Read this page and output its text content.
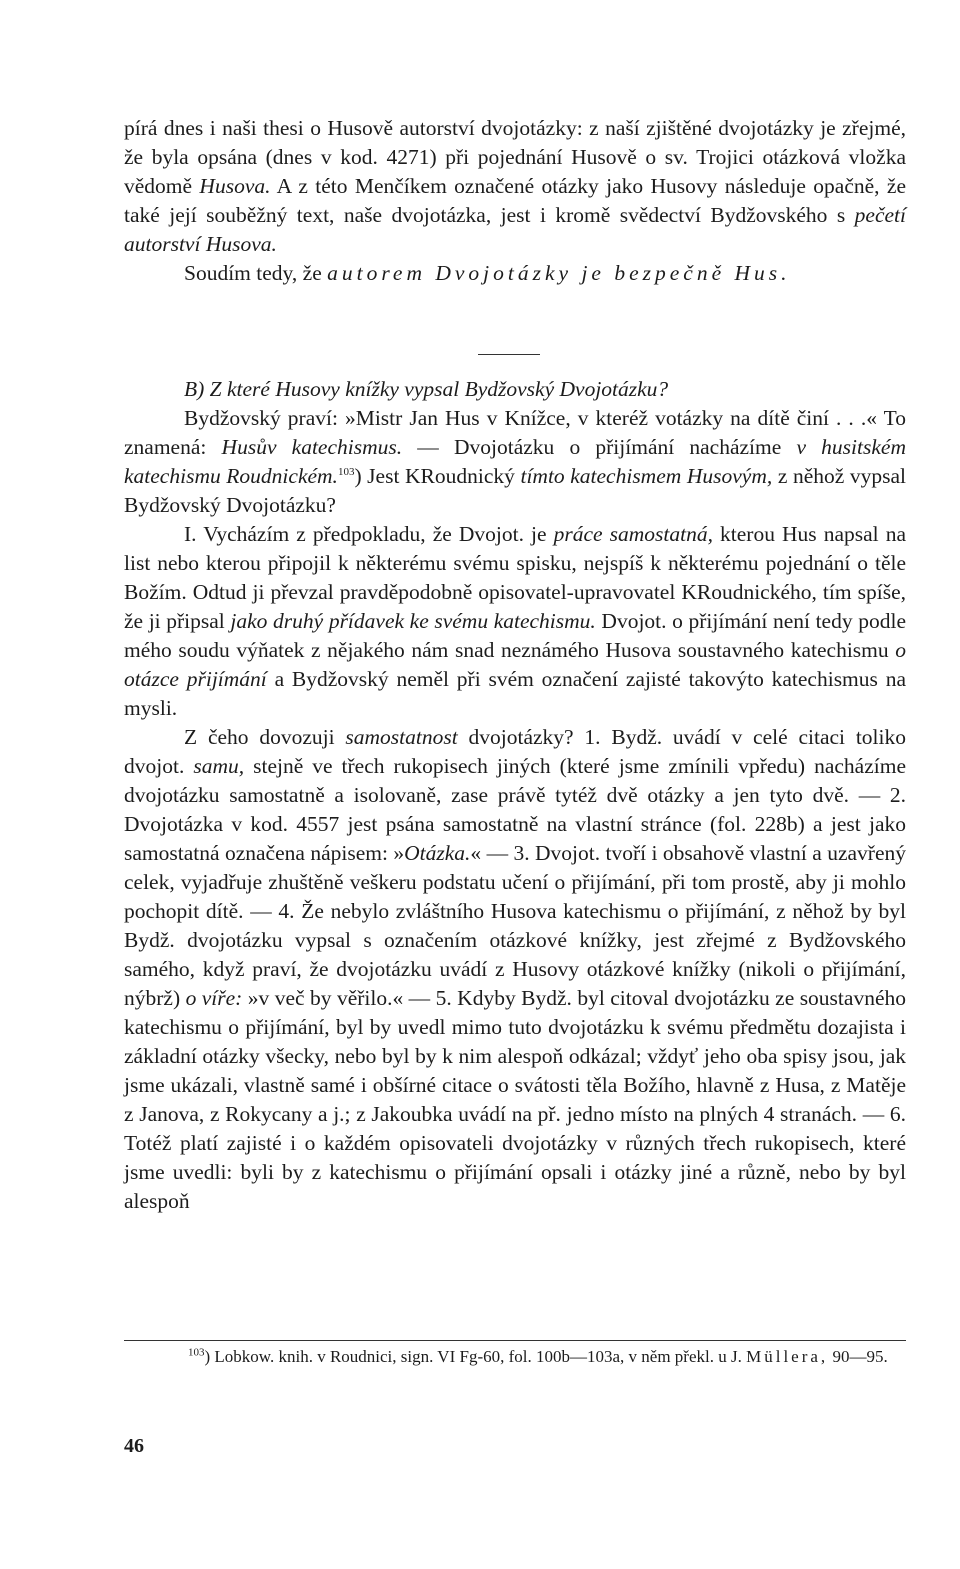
pírá dnes i naši thesi o Husově autorství dvojotázky: z naší zjištěné dvojotázky je zřejmé, že byla opsána (dnes v kod. 4271) při pojednání Husově o sv. Trojici otázková vložka vědomě Husova. A z této Menčíkem označené otázky jako Husovy následuje opačně, že také její souběžný text, naše dvojotázka, jest i kromě svědectví Bydžovského s pečetí autorství Husova.

Soudím tedy, že autorem Dvojotázky je bezpečně Hus.

B) Z které Husovy knížky vypsal Bydžovský Dvojotázku?

Bydžovský praví: »Mistr Jan Hus v Knížce, v kteréž votázky na dítě činí . . .« To znamená: Husův katechismus. — Dvojotázku o přijímání nacházíme v husitském katechismu Roudnickém.$^{103}$) Jest KRoudnický tímto katechismem Husovým, z něhož vypsal Bydžovský Dvojotázku?

I. Vycházím z předpokladu, že Dvojot. je práce samostatná, kterou Hus napsal na list nebo kterou připojil k některému svému spisku, nejspíš k některému pojednání o těle Božím. Odtud ji převzal pravděpodobně opisovatel-upravovatel KRoudnického, tím spíše, že ji připsal jako druhý přídavek ke svému katechismu. Dvojot. o přijímání není tedy podle mého soudu výňatek z nějakého nám snad neznámého Husova soustavného katechismu o otázce přijímání a Bydžovský neměl při svém označení zajisté takovýto katechismus na mysli.

Z čeho dovozuji samostatnost dvojotázky? 1. Bydž. uvádí v celé citaci toliko dvojot. samu, stejně ve třech rukopisech jiných (které jsme zmínili vpředu) nacházíme dvojotázku samostatně a isolovaně, zase právě tytéž dvě otázky a jen tyto dvě. — 2. Dvojotázka v kod. 4557 jest psána samostatně na vlastní stránce (fol. 228b) a jest jako samostatná označena nápisem: »Otázka.« — 3. Dvojot. tvoří i obsahově vlastní a uzavřený celek, vyjadřuje zhuštěně veškeru podstatu učení o přijímání, při tom prostě, aby ji mohlo pochopit dítě. — 4. Že nebylo zvláštního Husova katechismu o přijímání, z něhož by byl Bydž. dvojotázku vypsal s označením otázkové knížky, jest zřejmé z Bydžovského samého, když praví, že dvojotázku uvádí z Husovy otázkové knížky (nikoli o přijímání, nýbrž) o víře: »v več by věřilo.« — 5. Kdyby Bydž. byl citoval dvojotázku ze soustavného katechismu o přijímání, byl by uvedl mimo tuto dvojotázku k svému předmětu dozajista i základní otázky všecky, nebo byl by k nim alespoň odkázal; vždyť jeho oba spisy jsou, jak jsme ukázali, vlastně samé i obšírné citace o svátosti těla Božího, hlavně z Husa, z Matěje z Janova, z Rokycany a j.; z Jakoubka uvádí na př. jedno místo na plných 4 stranách. — 6. Totéž platí zajisté i o každém opisovateli dvojotázky v různých třech rukopisech, které jsme uvedli: byli by z katechismu o přijímání opsali i otázky jiné a různě, nebo by byl alespoň

$^{103}$) Lobkow. knih. v Roudnici, sign. VI Fg-60, fol. 100b—103a, v něm překl. u J. Müllera, 90—95.

46
